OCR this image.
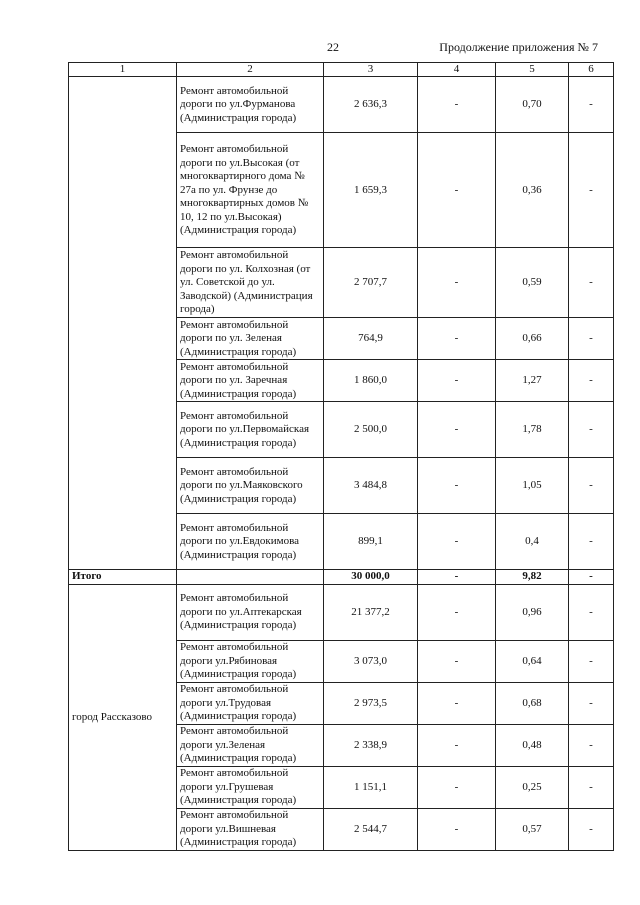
22	Продолжение приложения № 7
1	2	3	4	5	6
	Ремонт автомобильной дороги по ул.Фурманова (Администрация города)	2 636,3	-	0,70	-
	Ремонт автомобильной дороги по ул.Высокая (от многоквартирного дома № 27а по ул. Фрунзе до многоквартирных домов № 10, 12 по ул.Высокая) (Администрация города)	1 659,3	-	0,36	-
	Ремонт автомобильной дороги по ул. Колхозная (от ул. Советской до ул. Заводской) (Администрация города)	2 707,7	-	0,59	-
	Ремонт автомобильной дороги по ул. Зеленая (Администрация города)	764,9	-	0,66	-
	Ремонт автомобильной дороги по ул. Заречная (Администрация города)	1 860,0	-	1,27	-
	Ремонт автомобильной дороги по ул.Первомайская (Администрация города)	2 500,0	-	1,78	-
	Ремонт автомобильной дороги по ул.Маяковского (Администрация города)	3 484,8	-	1,05	-
	Ремонт автомобильной дороги по ул.Евдокимова (Администрация города)	899,1	-	0,4	-
Итого		30 000,0	-	9,82	-
город Рассказово	Ремонт автомобильной дороги по ул.Аптекарская (Администрация города)	21 377,2	-	0,96	-
	Ремонт автомобильной дороги ул.Рябиновая (Администрация города)	3 073,0	-	0,64	-
	Ремонт автомобильной дороги ул.Трудовая (Администрация города)	2 973,5	-	0,68	-
	Ремонт автомобильной дороги ул.Зеленая (Администрация города)	2 338,9	-	0,48	-
	Ремонт автомобильной дороги ул.Грушевая (Администрация города)	1 151,1	-	0,25	-
	Ремонт автомобильной дороги ул.Вишневая (Администрация города)	2 544,7	-	0,57	-
